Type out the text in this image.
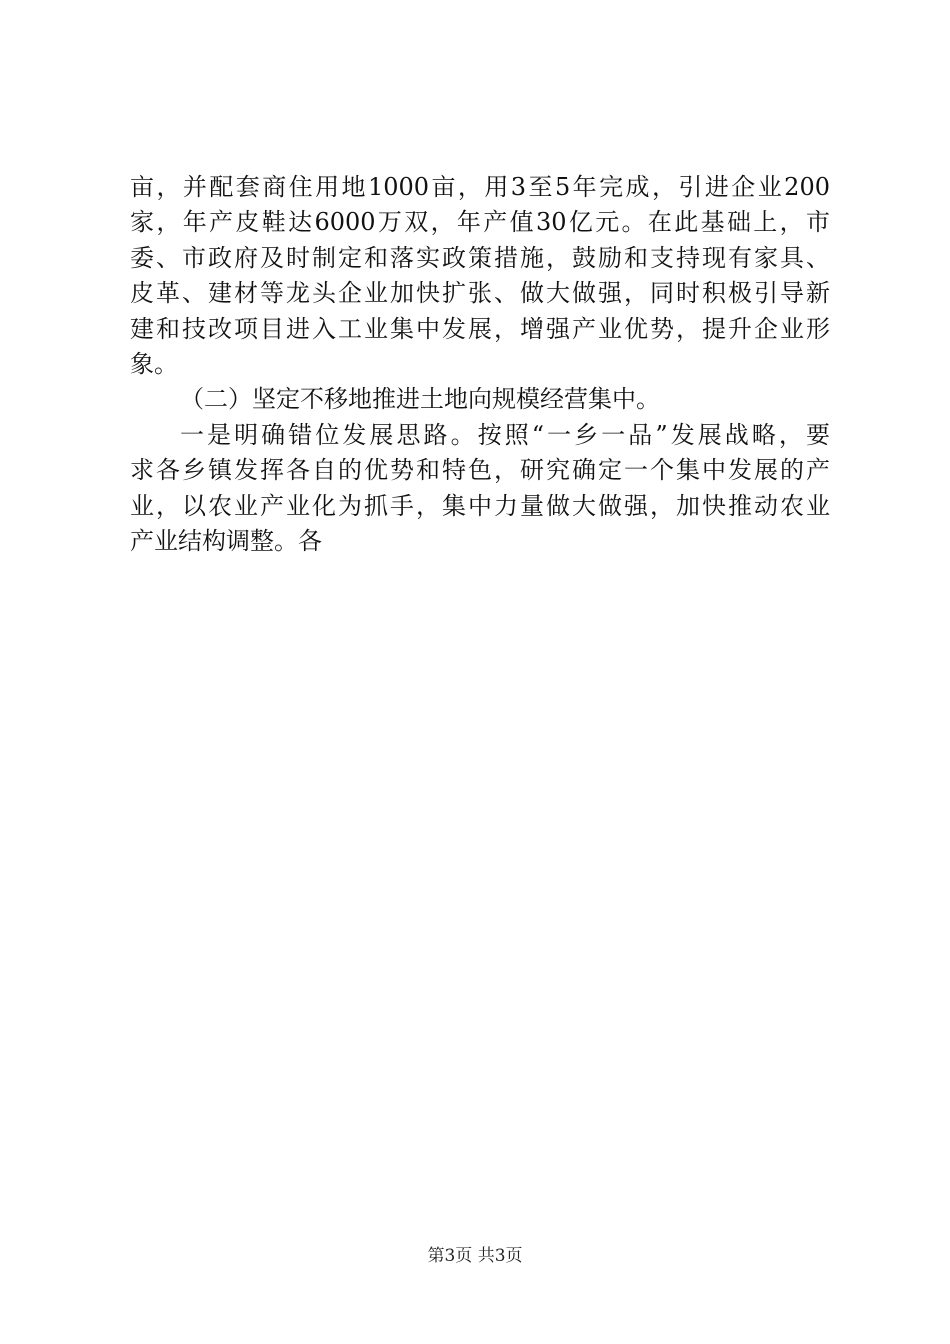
亩，并配套商住用地1000亩，用3至5年完成，引进企业200
家，年产皮鞋达6000万双，年产值30亿元。在此基础上，市
委、市政府及时制定和落实政策措施，鼓励和支持现有家具、
皮革、建材等龙头企业加快扩张、做大做强，同时积极引导新
建和技改项目进入工业集中发展，增强产业优势，提升企业形
象。
（二）坚定不移地推进土地向规模经营集中。
一是明确错位发展思路。按照“一乡一品”发展战略，要
求各乡镇发挥各自的优势和特色，研究确定一个集中发展的产
业，以农业产业化为抓手，集中力量做大做强，加快推动农业
产业结构调整。各
第3页 共3页
